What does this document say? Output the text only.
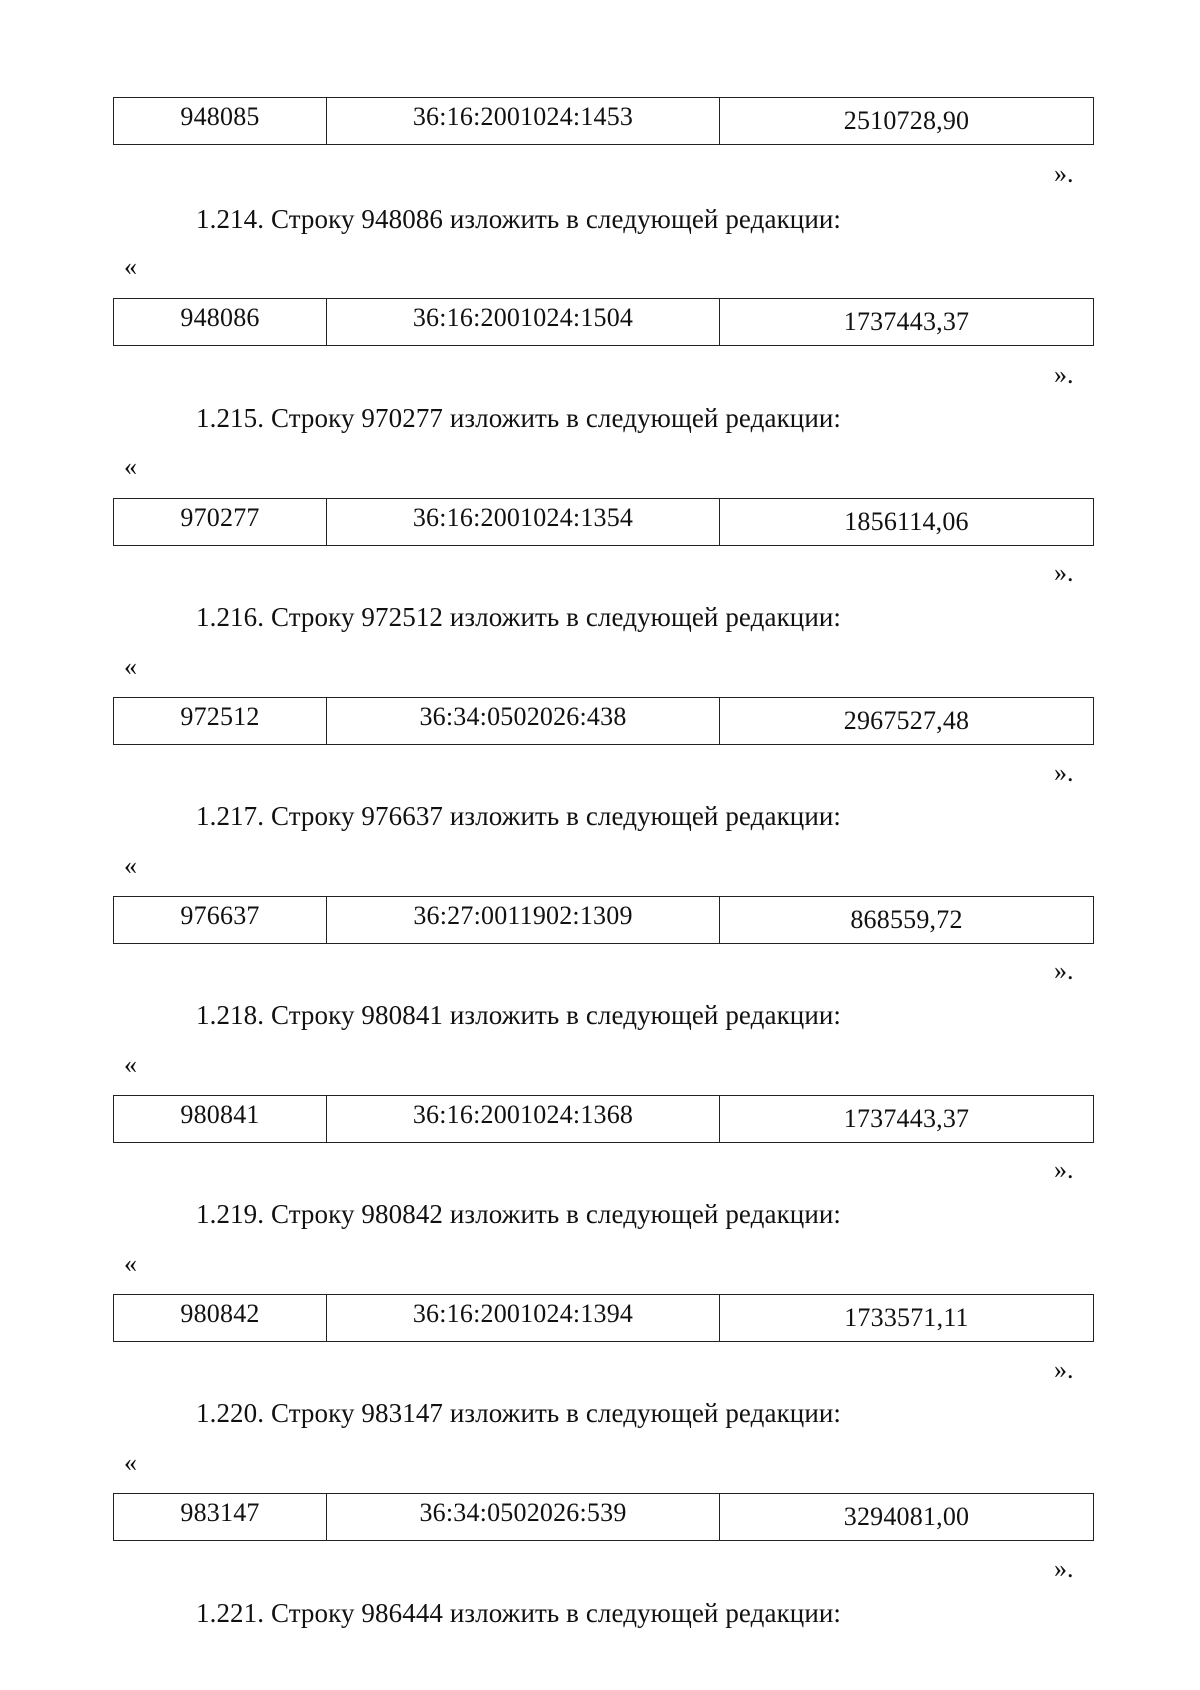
948085	36:16:2001024:1453	2510728,90
».
1.214. Строку 948086 изложить в следующей редакции:
«
948086	36:16:2001024:1504	1737443,37
».
1.215. Строку 970277 изложить в следующей редакции:
«
970277	36:16:2001024:1354	1856114,06
».
1.216. Строку 972512 изложить в следующей редакции:
«
972512	36:34:0502026:438	2967527,48
».
1.217. Строку 976637 изложить в следующей редакции:
«
976637	36:27:0011902:1309	868559,72
».
1.218. Строку 980841 изложить в следующей редакции:
«
980841	36:16:2001024:1368	1737443,37
».
1.219. Строку 980842 изложить в следующей редакции:
«
980842	36:16:2001024:1394	1733571,11
».
1.220. Строку 983147 изложить в следующей редакции:
«
983147	36:34:0502026:539	3294081,00
».
1.221. Строку 986444 изложить в следующей редакции:
